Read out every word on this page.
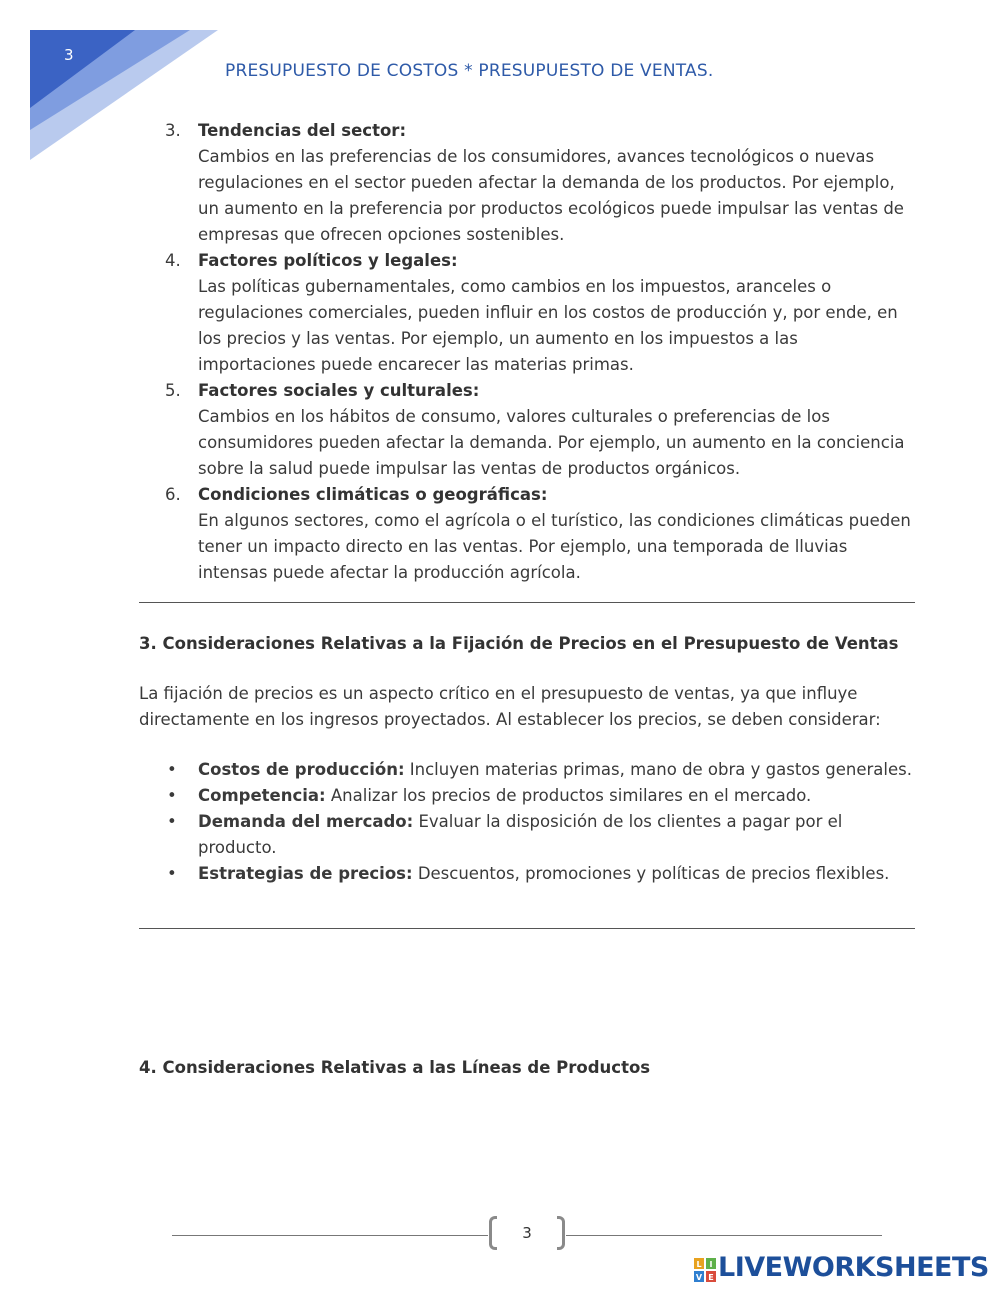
3
PRESUPUESTO DE COSTOS * PRESUPUESTO DE VENTAS.
3.	Tendencias del sector:
Cambios en las preferencias de los consumidores, avances tecnológicos o nuevas regulaciones en el sector pueden afectar la demanda de los productos. Por ejemplo, un aumento en la preferencia por productos ecológicos puede impulsar las ventas de empresas que ofrecen opciones sostenibles.
4.	Factores políticos y legales:
Las políticas gubernamentales, como cambios en los impuestos, aranceles o regulaciones comerciales, pueden influir en los costos de producción y, por ende, en los precios y las ventas. Por ejemplo, un aumento en los impuestos a las importaciones puede encarecer las materias primas.
5.	Factores sociales y culturales:
Cambios en los hábitos de consumo, valores culturales o preferencias de los consumidores pueden afectar la demanda. Por ejemplo, un aumento en la conciencia sobre la salud puede impulsar las ventas de productos orgánicos.
6.	Condiciones climáticas o geográficas:
En algunos sectores, como el agrícola o el turístico, las condiciones climáticas pueden tener un impacto directo en las ventas. Por ejemplo, una temporada de lluvias intensas puede afectar la producción agrícola.
3. Consideraciones Relativas a la Fijación de Precios en el Presupuesto de Ventas
La fijación de precios es un aspecto crítico en el presupuesto de ventas, ya que influye directamente en los ingresos proyectados. Al establecer los precios, se deben considerar:
•	Costos de producción: Incluyen materias primas, mano de obra y gastos generales.
•	Competencia: Analizar los precios de productos similares en el mercado.
•	Demanda del mercado: Evaluar la disposición de los clientes a pagar por el producto.
•	Estrategias de precios: Descuentos, promociones y políticas de precios flexibles.
4. Consideraciones Relativas a las Líneas de Productos
3
L I
V E LIVEWORKSHEETS
